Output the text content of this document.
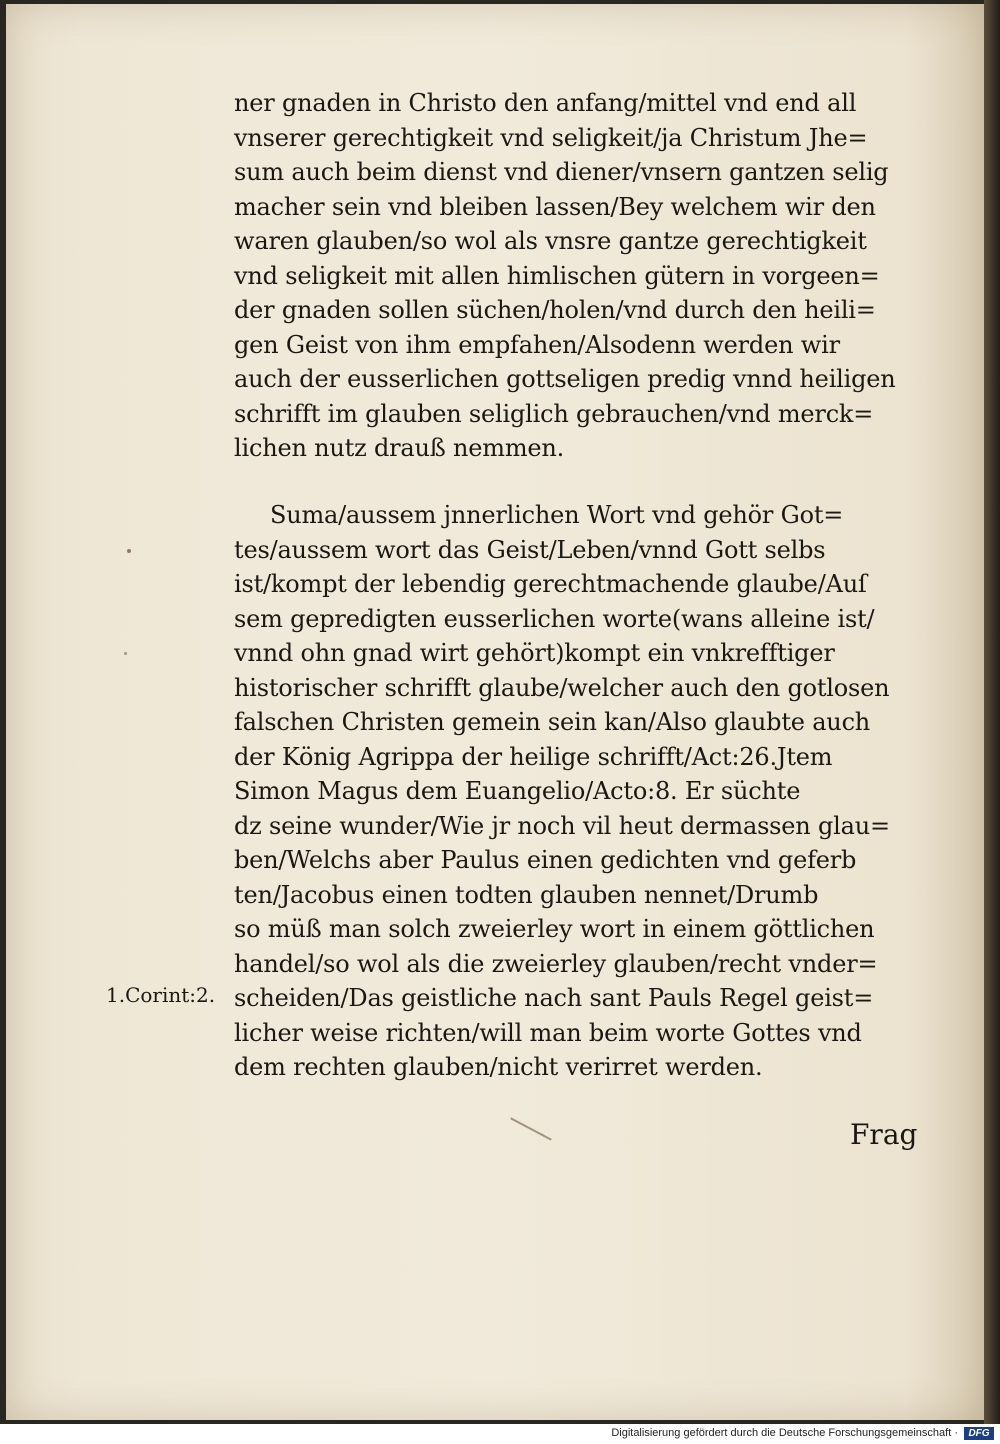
ner gnaden in Christo den anfang/mittel vnd end all
vnserer gerechtigkeit vnd seligkeit/ja Christum Jhe=
sum auch beim dienst vnd diener/vnsern gantzen selig
macher sein vnd bleiben lassen/Bey welchem wir den
waren glauben/so wol als vnsre gantze gerechtigkeit
vnd seligkeit mit allen himlischen gütern in vorgeen=
der gnaden sollen süchen/holen/vnd durch den heili=
gen Geist von ihm empfahen/Alsodenn werden wir
auch der eusserlichen gottseligen predig vnnd heiligen
schrifft im glauben seliglich gebrauchen/vnd merck=
lichen nutz drauß nemmen.
Suma/aussem jnnerlichen Wort vnd gehör Got=
tes/aussem wort das Geist/Leben/vnnd Gott selbs
ist/kompt der lebendig gerechtmachende glaube/Auſ
sem gepredigten eusserlichen worte(wans alleine ist/
vnnd ohn gnad wirt gehört)kompt ein vnkrefftiger
historischer schrifft glaube/welcher auch den gotlosen
falschen Christen gemein sein kan/Also glaubte auch
der König Agrippa der heilige schrifft/Act:26.Jtem
Simon Magus dem Euangelio/Acto:8. Er süchte
dz seine wunder/Wie jr noch vil heut dermassen glau=
ben/Welchs aber Paulus einen gedichten vnd geferb
ten/Jacobus einen todten glauben nennet/Drumb
so müß man solch zweierley wort in einem göttlichen
handel/so wol als die zweierley glauben/recht vnder=
scheiden/Das geistliche nach sant Pauls Regel geist=
licher weise richten/will man beim worte Gottes vnd
dem rechten glauben/nicht verirret werden.
1.Corint:2.
Frag
Digitalisierung gefördert durch die Deutsche Forschungsgemeinschaft ·	DFG
